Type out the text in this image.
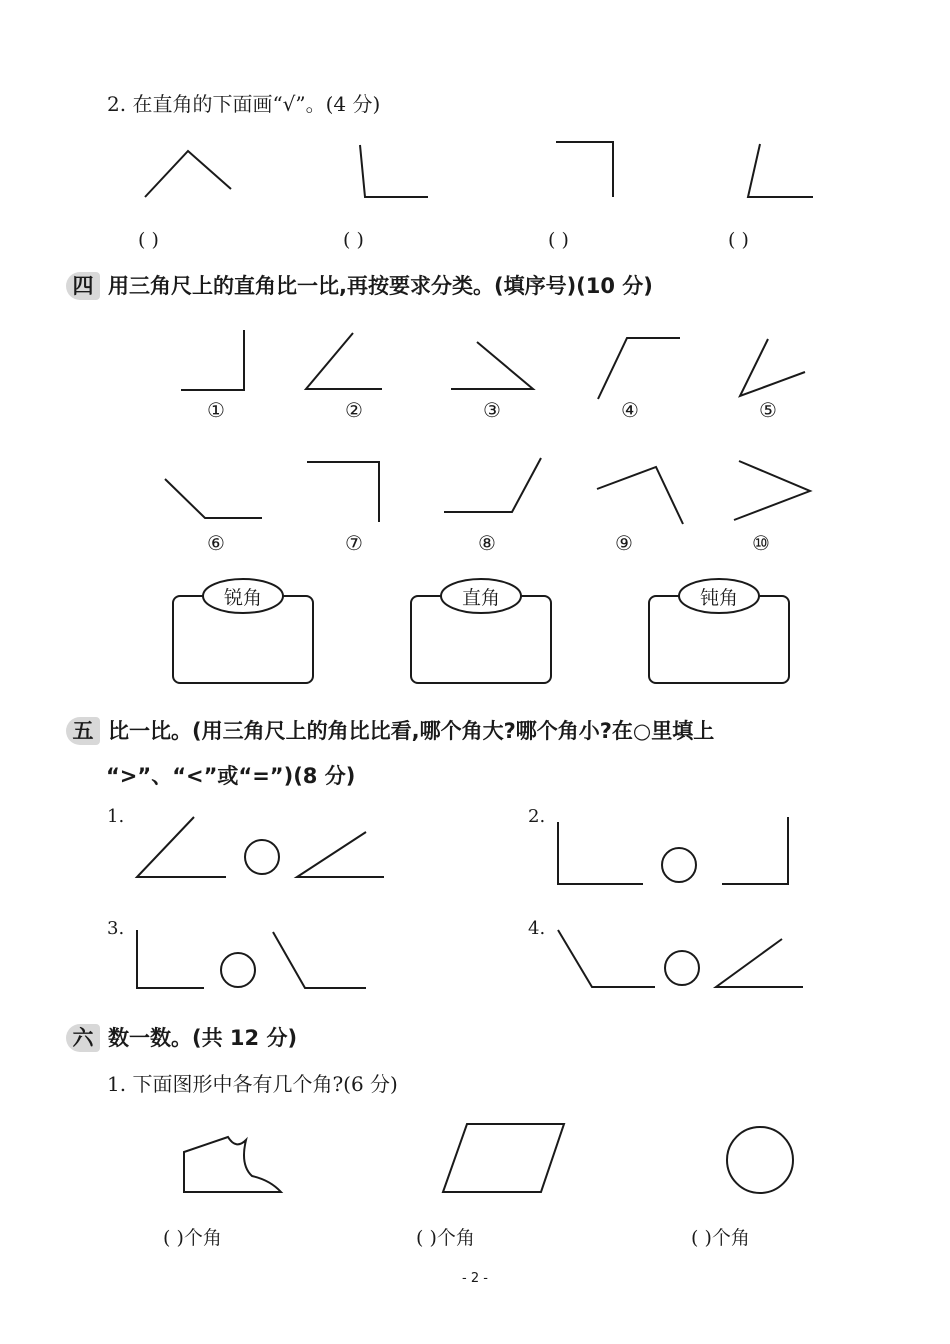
2. 在直角的下面画“√”。(4 分)
( )	( )	( )	( )
四 用三角尺上的直角比一比,再按要求分类。(填序号)(10 分)
①	②	③	④	⑤
⑥	⑦	⑧	⑨	⑩
锐角	直角	钝角
五 比一比。(用三角尺上的角比比看,哪个角大?哪个角小?在○里填上
“>”、“<”或“=”)(8 分)
1.	2.
3.	4.
六 数一数。(共 12 分)
1. 下面图形中各有几个角?(6 分)
( )个角	( )个角	( )个角
- 2 -
